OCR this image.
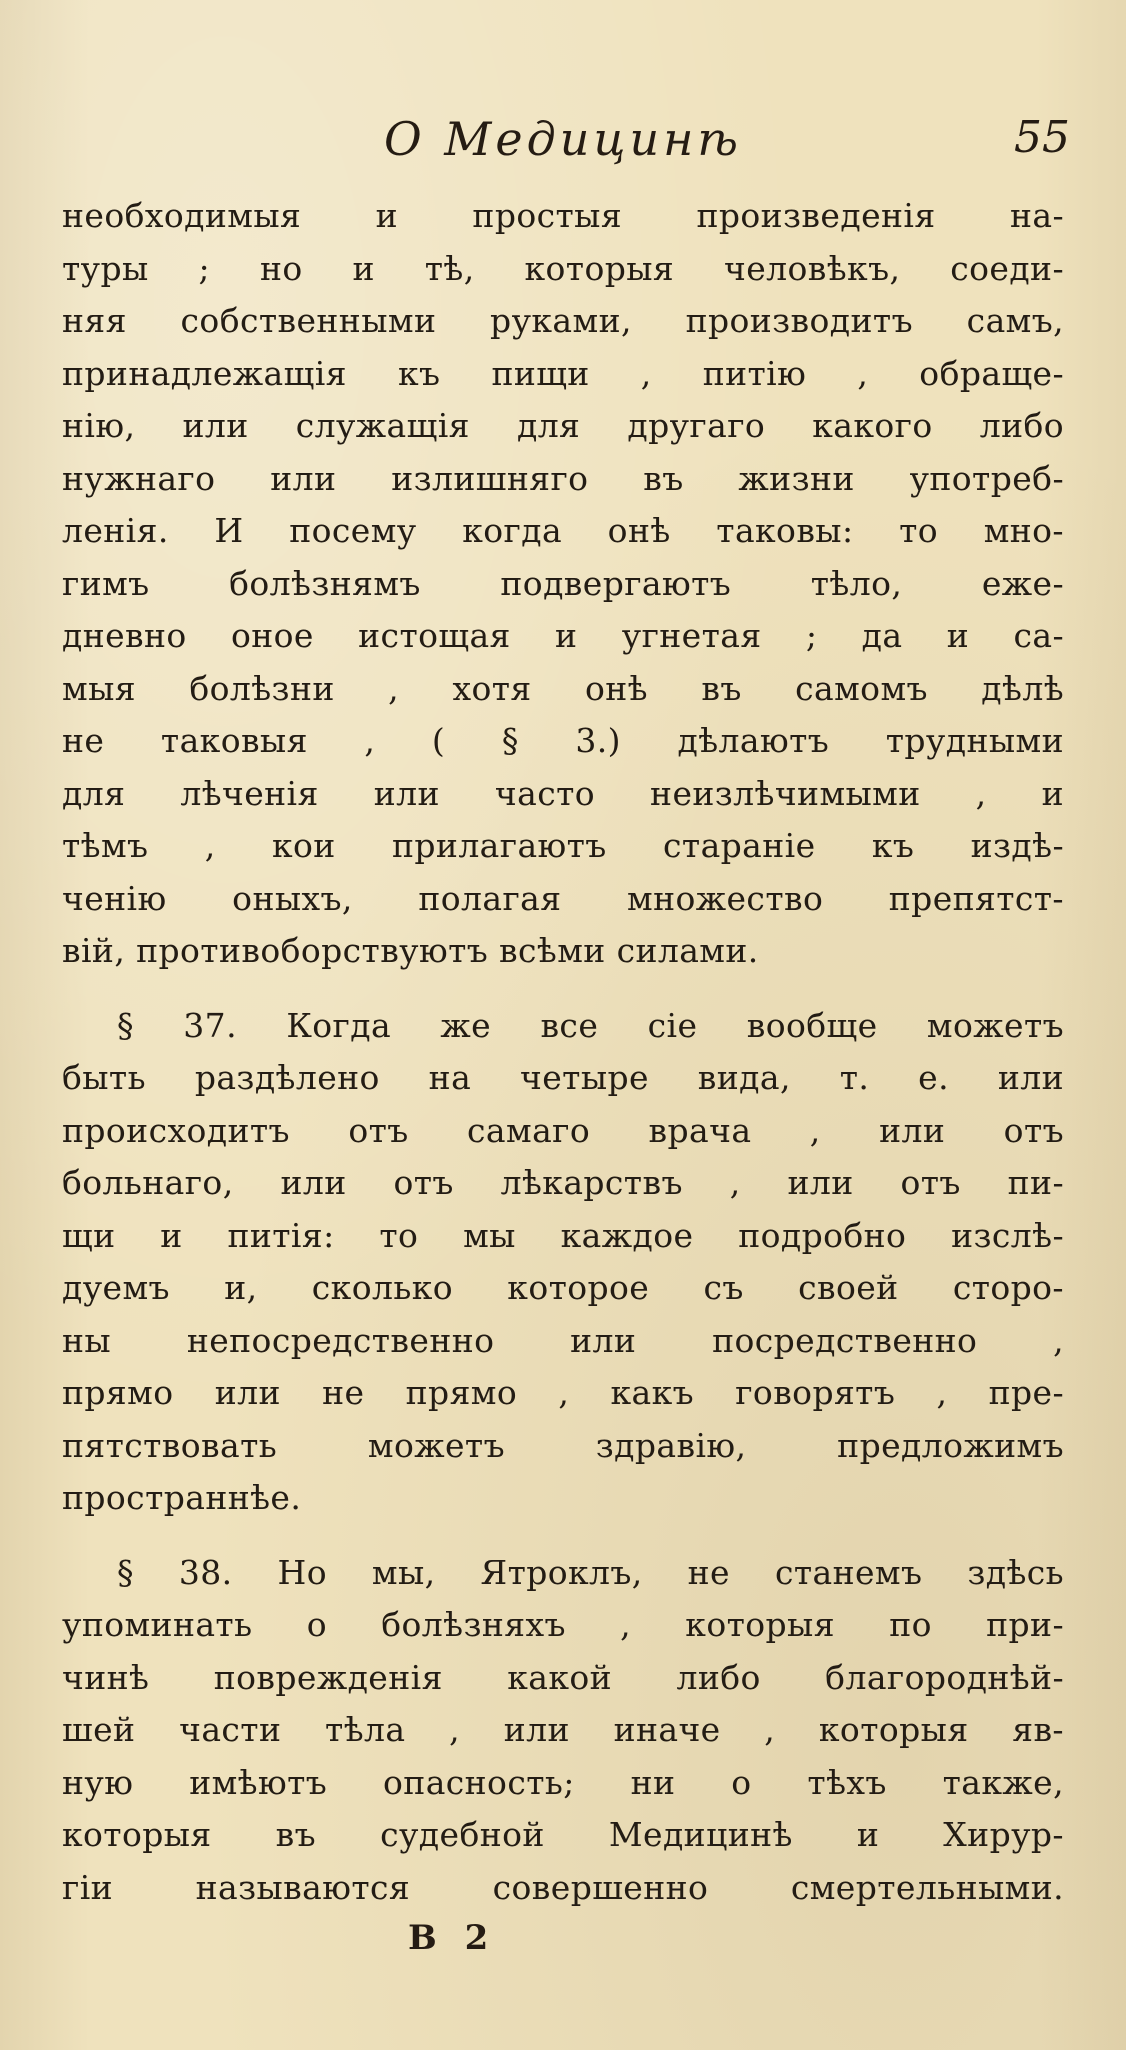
О Медицинѣ	55
необходимыя и простыя произведенія на-
туры ; но и тѣ, которыя человѣкъ, соеди-
няя собственными руками, производитъ самъ,
принадлежащія къ пищи , питію , обраще-
нію, или служащія для другаго какого либо
нужнаго или излишняго въ жизни употреб-
ленія. И посему когда онѣ таковы: то мно-
гимъ болѣзнямъ подвергаютъ тѣло, еже-
дневно оное истощая и угнетая ; да и са-
мыя болѣзни , хотя онѣ въ самомъ дѣлѣ
не таковыя , ( § 3.) дѣлаютъ трудными
для лѣченія или часто неизлѣчимыми , и
тѣмъ , кои прилагаютъ стараніе къ издѣ-
ченію оныхъ, полагая множество препятст-
вій, противоборствуютъ всѣми силами.
§ 37. Когда же все сіе вообще можетъ
быть раздѣлено на четыре вида, т. е. или
происходитъ отъ самаго врача , или отъ
больнаго, или отъ лѣкарствъ , или отъ пи-
щи и питія: то мы каждое подробно изслѣ-
дуемъ и, сколько которое съ своей сторо-
ны непосредственно или посредственно ,
прямо или не прямо , какъ говорятъ , пре-
пятствовать можетъ здравію, предложимъ
пространнѣе.
§ 38. Но мы, Ятроклъ, не станемъ здѣсь
упоминать о болѣзняхъ , которыя по при-
чинѣ поврежденія какой либо благороднѣй-
шей части тѣла , или иначе , которыя яв-
ную имѣютъ опасность; ни о тѣхъ также,
которыя въ судебной Медицинѣ и Хирур-
гіи называются совершенно смертельными.
В 2
